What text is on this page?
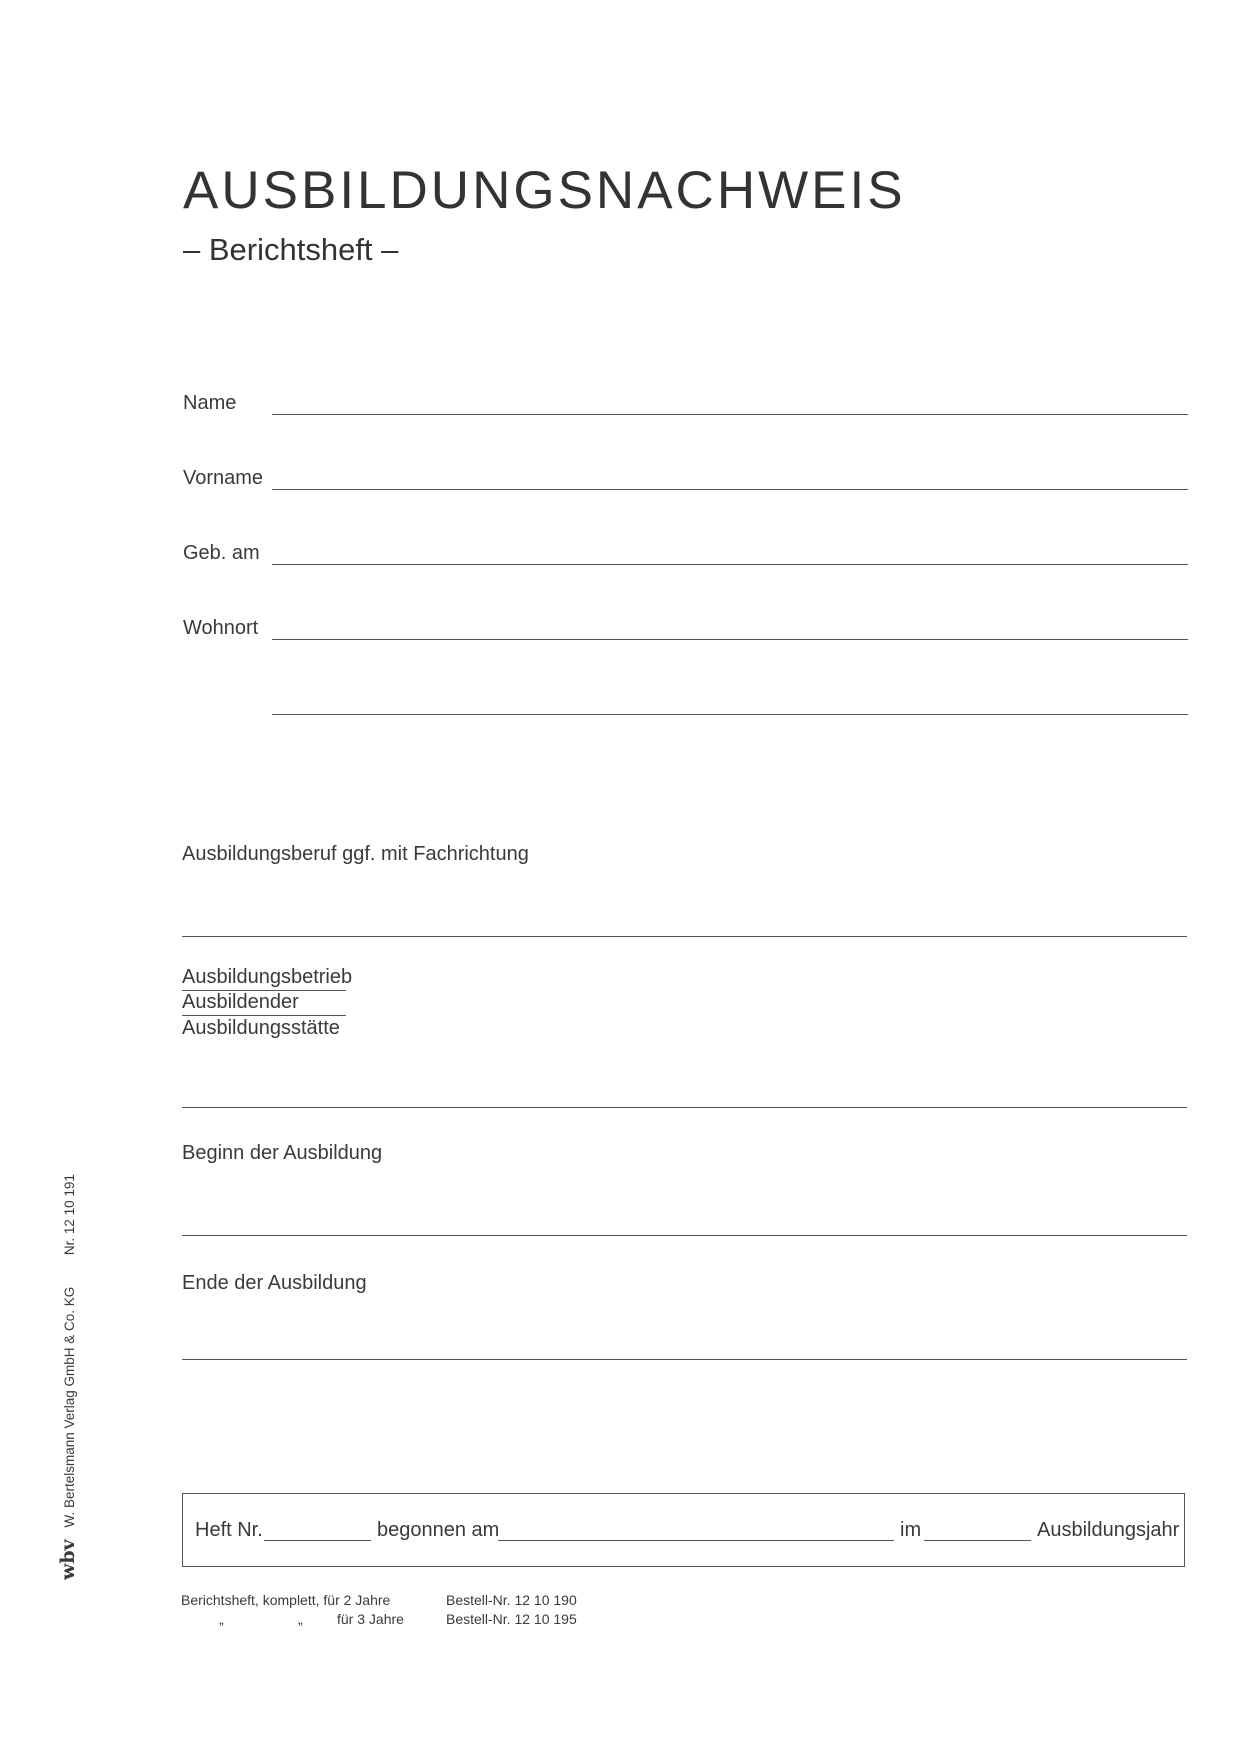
AUSBILDUNGSNACHWEIS
– Berichtsheft –
Name
Vorname
Geb. am
Wohnort
Ausbildungsberuf ggf. mit Fachrichtung
Ausbildungsbetrieb
Ausbildender
Ausbildungsstätte
Beginn der Ausbildung
Ende der Ausbildung
Heft Nr.	begonnen am	im	Ausbildungsjahr
Berichtsheft, komplett, für 2 Jahre	Bestell-Nr. 12 10 190
„	„ für 3 Jahre	Bestell-Nr. 12 10 195
wbv W. Bertelsmann Verlag GmbH & Co. KG  Nr. 12 10 191
